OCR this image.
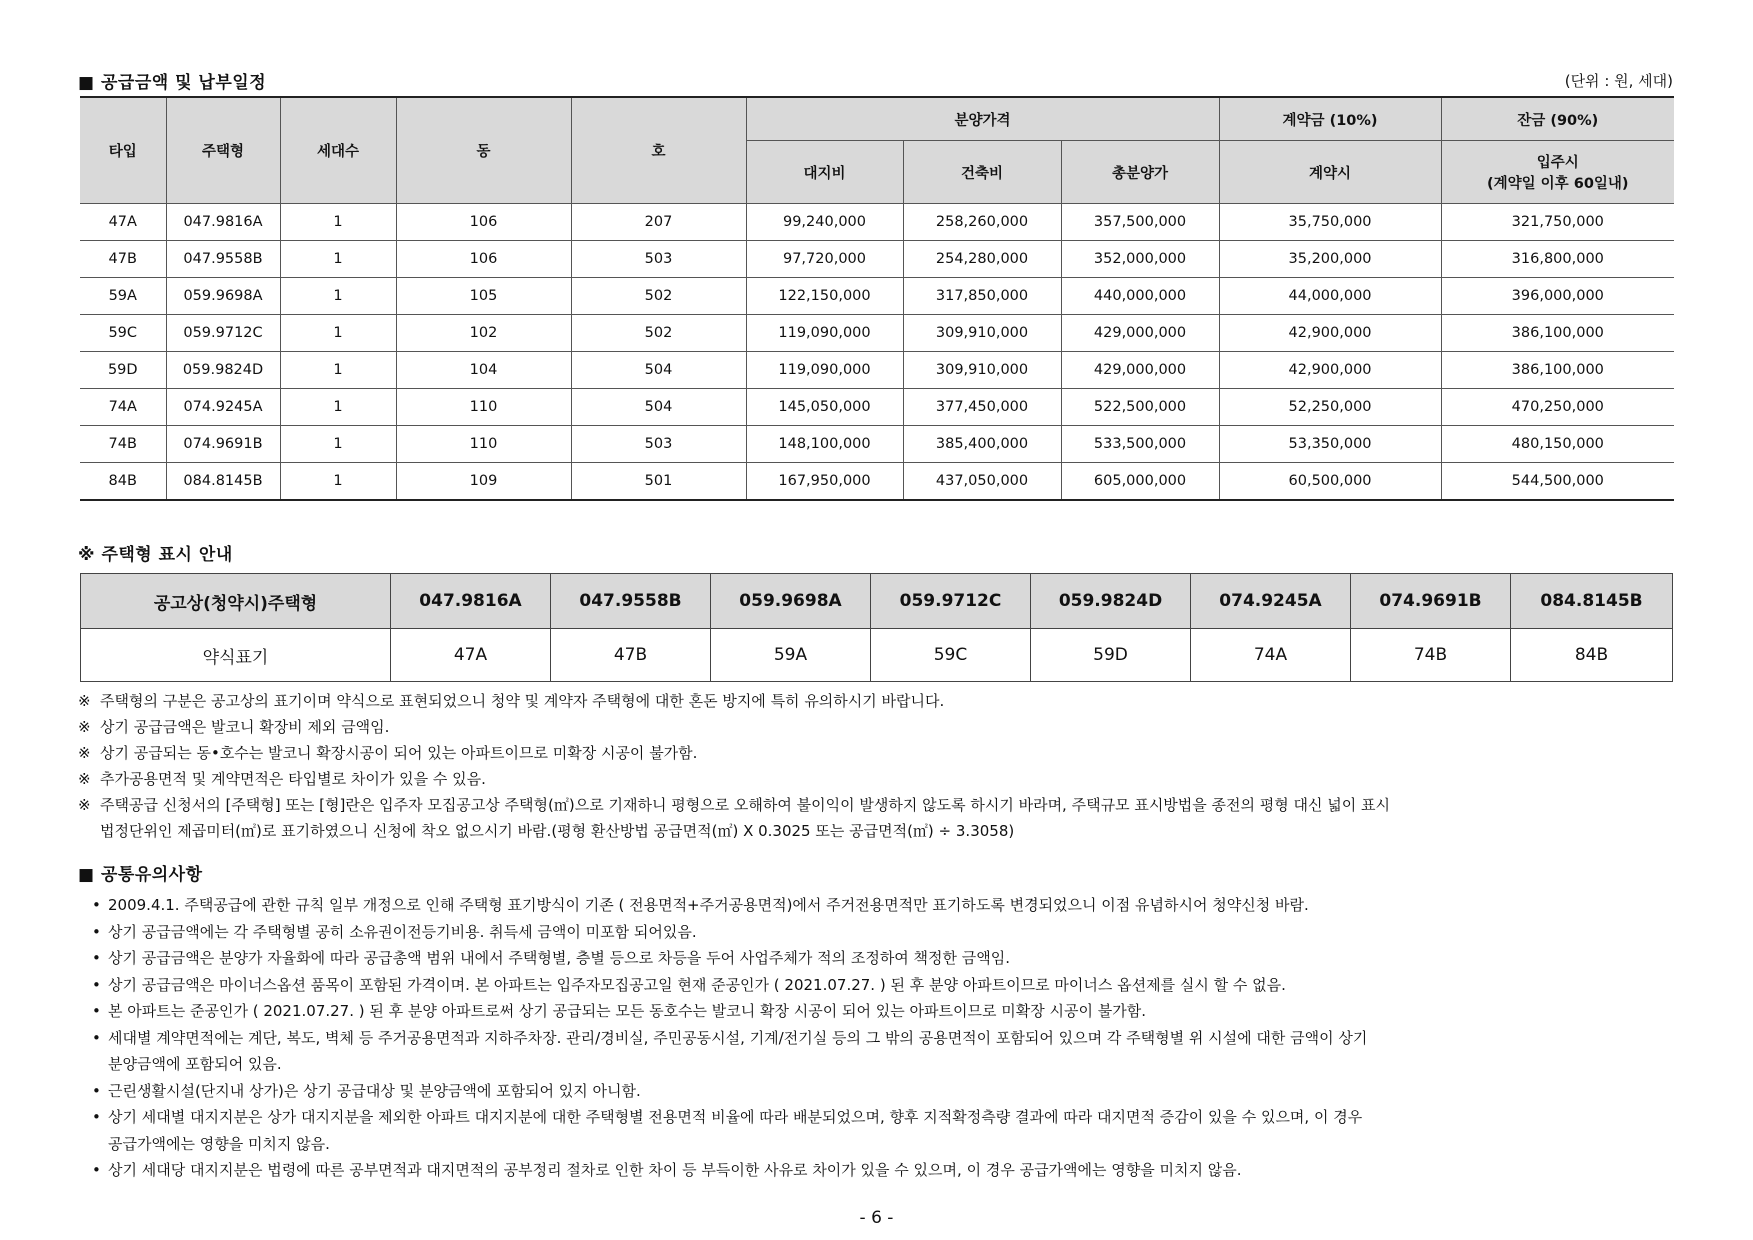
■ 공급금액 및 납부일정	(단위 : 원, 세대)
타입	주택형	세대수	동	호	분양가격			계약금 (10%)	잔금 (90%)
					대지비	건축비	총분양가	계약시	입주시
(계약일 이후 60일내)

47A	047.9816A	1	106	207	99,240,000	258,260,000	357,500,000	35,750,000	321,750,000
47B	047.9558B	1	106	503	97,720,000	254,280,000	352,000,000	35,200,000	316,800,000
59A	059.9698A	1	105	502	122,150,000	317,850,000	440,000,000	44,000,000	396,000,000
59C	059.9712C	1	102	502	119,090,000	309,910,000	429,000,000	42,900,000	386,100,000
59D	059.9824D	1	104	504	119,090,000	309,910,000	429,000,000	42,900,000	386,100,000
74A	074.9245A	1	110	504	145,050,000	377,450,000	522,500,000	52,250,000	470,250,000
74B	074.9691B	1	110	503	148,100,000	385,400,000	533,500,000	53,350,000	480,150,000
84B	084.8145B	1	109	501	167,950,000	437,050,000	605,000,000	60,500,000	544,500,000
※ 주택형 표시 안내
공고상(청약시)주택형	047.9816A	047.9558B	059.9698A	059.9712C	059.9824D	074.9245A	074.9691B	084.8145B
약식표기	47A	47B	59A	59C	59D	74A	74B	84B
※ 주택형의 구분은 공고상의 표기이며 약식으로 표현되었으니 청약 및 계약자 주택형에 대한 혼돈 방지에 특히 유의하시기 바랍니다.
※ 상기 공급금액은 발코니 확장비 제외 금액임.
※ 상기 공급되는 동•호수는 발코니 확장시공이 되어 있는 아파트이므로 미확장 시공이 불가함.
※ 추가공용면적 및 계약면적은 타입별로 차이가 있을 수 있음.
※ 주택공급 신청서의 [주택형] 또는 [형]란은 입주자 모집공고상 주택형(㎡)으로 기재하니 평형으로 오해하여 불이익이 발생하지 않도록 하시기 바라며, 주택규모 표시방법을 종전의 평형 대신 넓이 표시
법정단위인 제곱미터(㎡)로 표기하였으니 신청에 착오 없으시기 바람.(평형 환산방법 공급면적(㎡) X 0.3025 또는 공급면적(㎡) ÷ 3.3058)
■ 공통유의사항
• 2009.4.1. 주택공급에 관한 규칙 일부 개정으로 인해 주택형 표기방식이 기존 ( 전용면적+주거공용면적)에서 주거전용면적만 표기하도록 변경되었으니 이점 유념하시어 청약신청 바람.
• 상기 공급금액에는 각 주택형별 공히 소유권이전등기비용. 취득세 금액이 미포함 되어있음.
• 상기 공급금액은 분양가 자율화에 따라 공급총액 범위 내에서 주택형별, 층별 등으로 차등을 두어 사업주체가 적의 조정하여 책정한 금액임.
• 상기 공급금액은 마이너스옵션 품목이 포함된 가격이며. 본 아파트는 입주자모집공고일 현재 준공인가 ( 2021.07.27. ) 된 후 분양 아파트이므로 마이너스 옵션제를 실시 할 수 없음.
• 본 아파트는 준공인가 ( 2021.07.27. ) 된 후 분양 아파트로써 상기 공급되는 모든 동호수는 발코니 확장 시공이 되어 있는 아파트이므로 미확장 시공이 불가함.
• 세대별 계약면적에는 계단, 복도, 벽체 등 주거공용면적과 지하주차장. 관리/경비실, 주민공동시설, 기계/전기실 등의 그 밖의 공용면적이 포함되어 있으며 각 주택형별 위 시설에 대한 금액이 상기
분양금액에 포함되어 있음.
• 근린생활시설(단지내 상가)은 상기 공급대상 및 분양금액에 포함되어 있지 아니함.
• 상기 세대별 대지지분은 상가 대지지분을 제외한 아파트 대지지분에 대한 주택형별 전용면적 비율에 따라 배분되었으며, 향후 지적확정측량 결과에 따라 대지면적 증감이 있을 수 있으며, 이 경우
공급가액에는 영향을 미치지 않음.
• 상기 세대당 대지지분은 법령에 따른 공부면적과 대지면적의 공부정리 절차로 인한 차이 등 부득이한 사유로 차이가 있을 수 있으며, 이 경우 공급가액에는 영향을 미치지 않음.
- 6 -
